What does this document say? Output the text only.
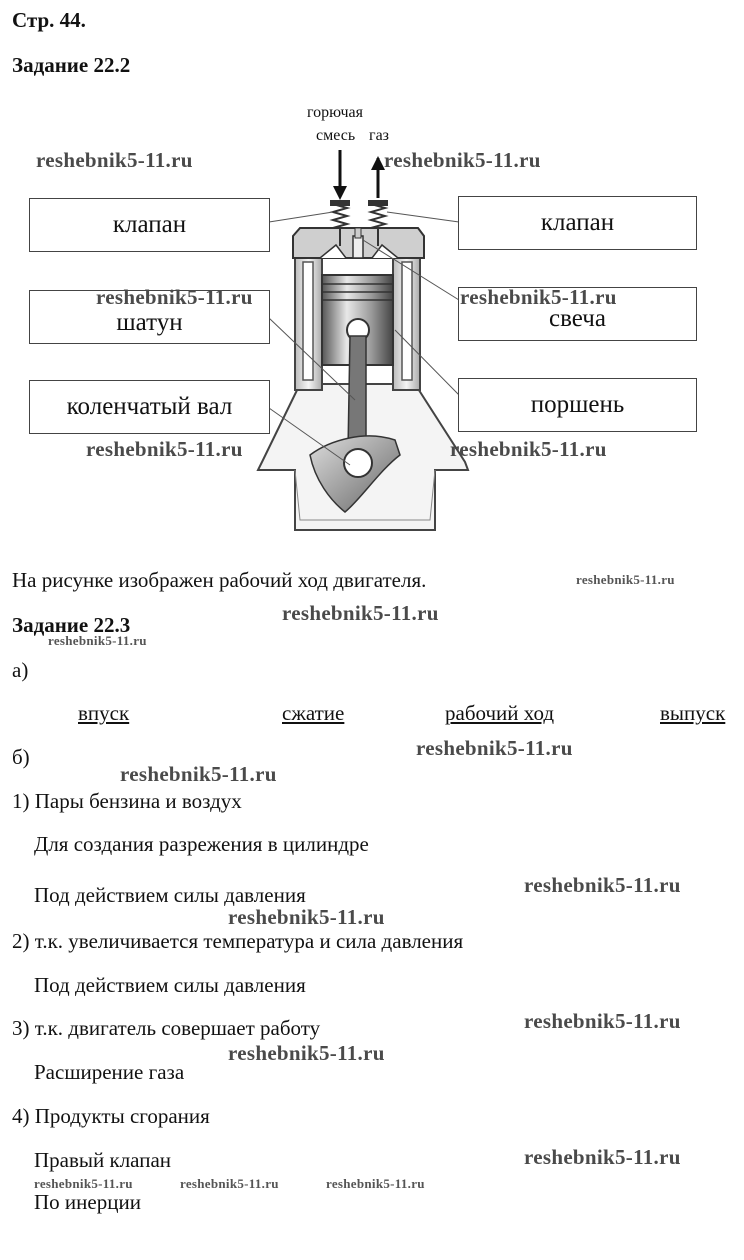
Стр. 44.
Задание 22.2
горючая
смесь газ
клапан
шатун
коленчатый вал
клапан
свеча
поршень
На рисунке изображен рабочий ход двигателя.
Задание 22.3
а)
впуск	сжатие	рабочий ход	выпуск
б)
1) Пары бензина и воздух
Для создания разрежения в цилиндре
Под действием силы давления
2) т.к. увеличивается температура и сила давления
Под действием силы давления
3) т.к. двигатель совершает работу
Расширение газа
4) Продукты сгорания
Правый клапан
По инерции
reshebnik5-11.ru	reshebnik5-11.ru
reshebnik5-11.ru	reshebnik5-11.ru
reshebnik5-11.ru	reshebnik5-11.ru
reshebnik5-11.ru
reshebnik5-11.ru
reshebnik5-11.ru
reshebnik5-11.ru
reshebnik5-11.ru
reshebnik5-11.ru
reshebnik5-11.ru
reshebnik5-11.ru
reshebnik5-11.ru
reshebnik5-11.ru
reshebnik5-11.ru	reshebnik5-11.ru	reshebnik5-11.ru
